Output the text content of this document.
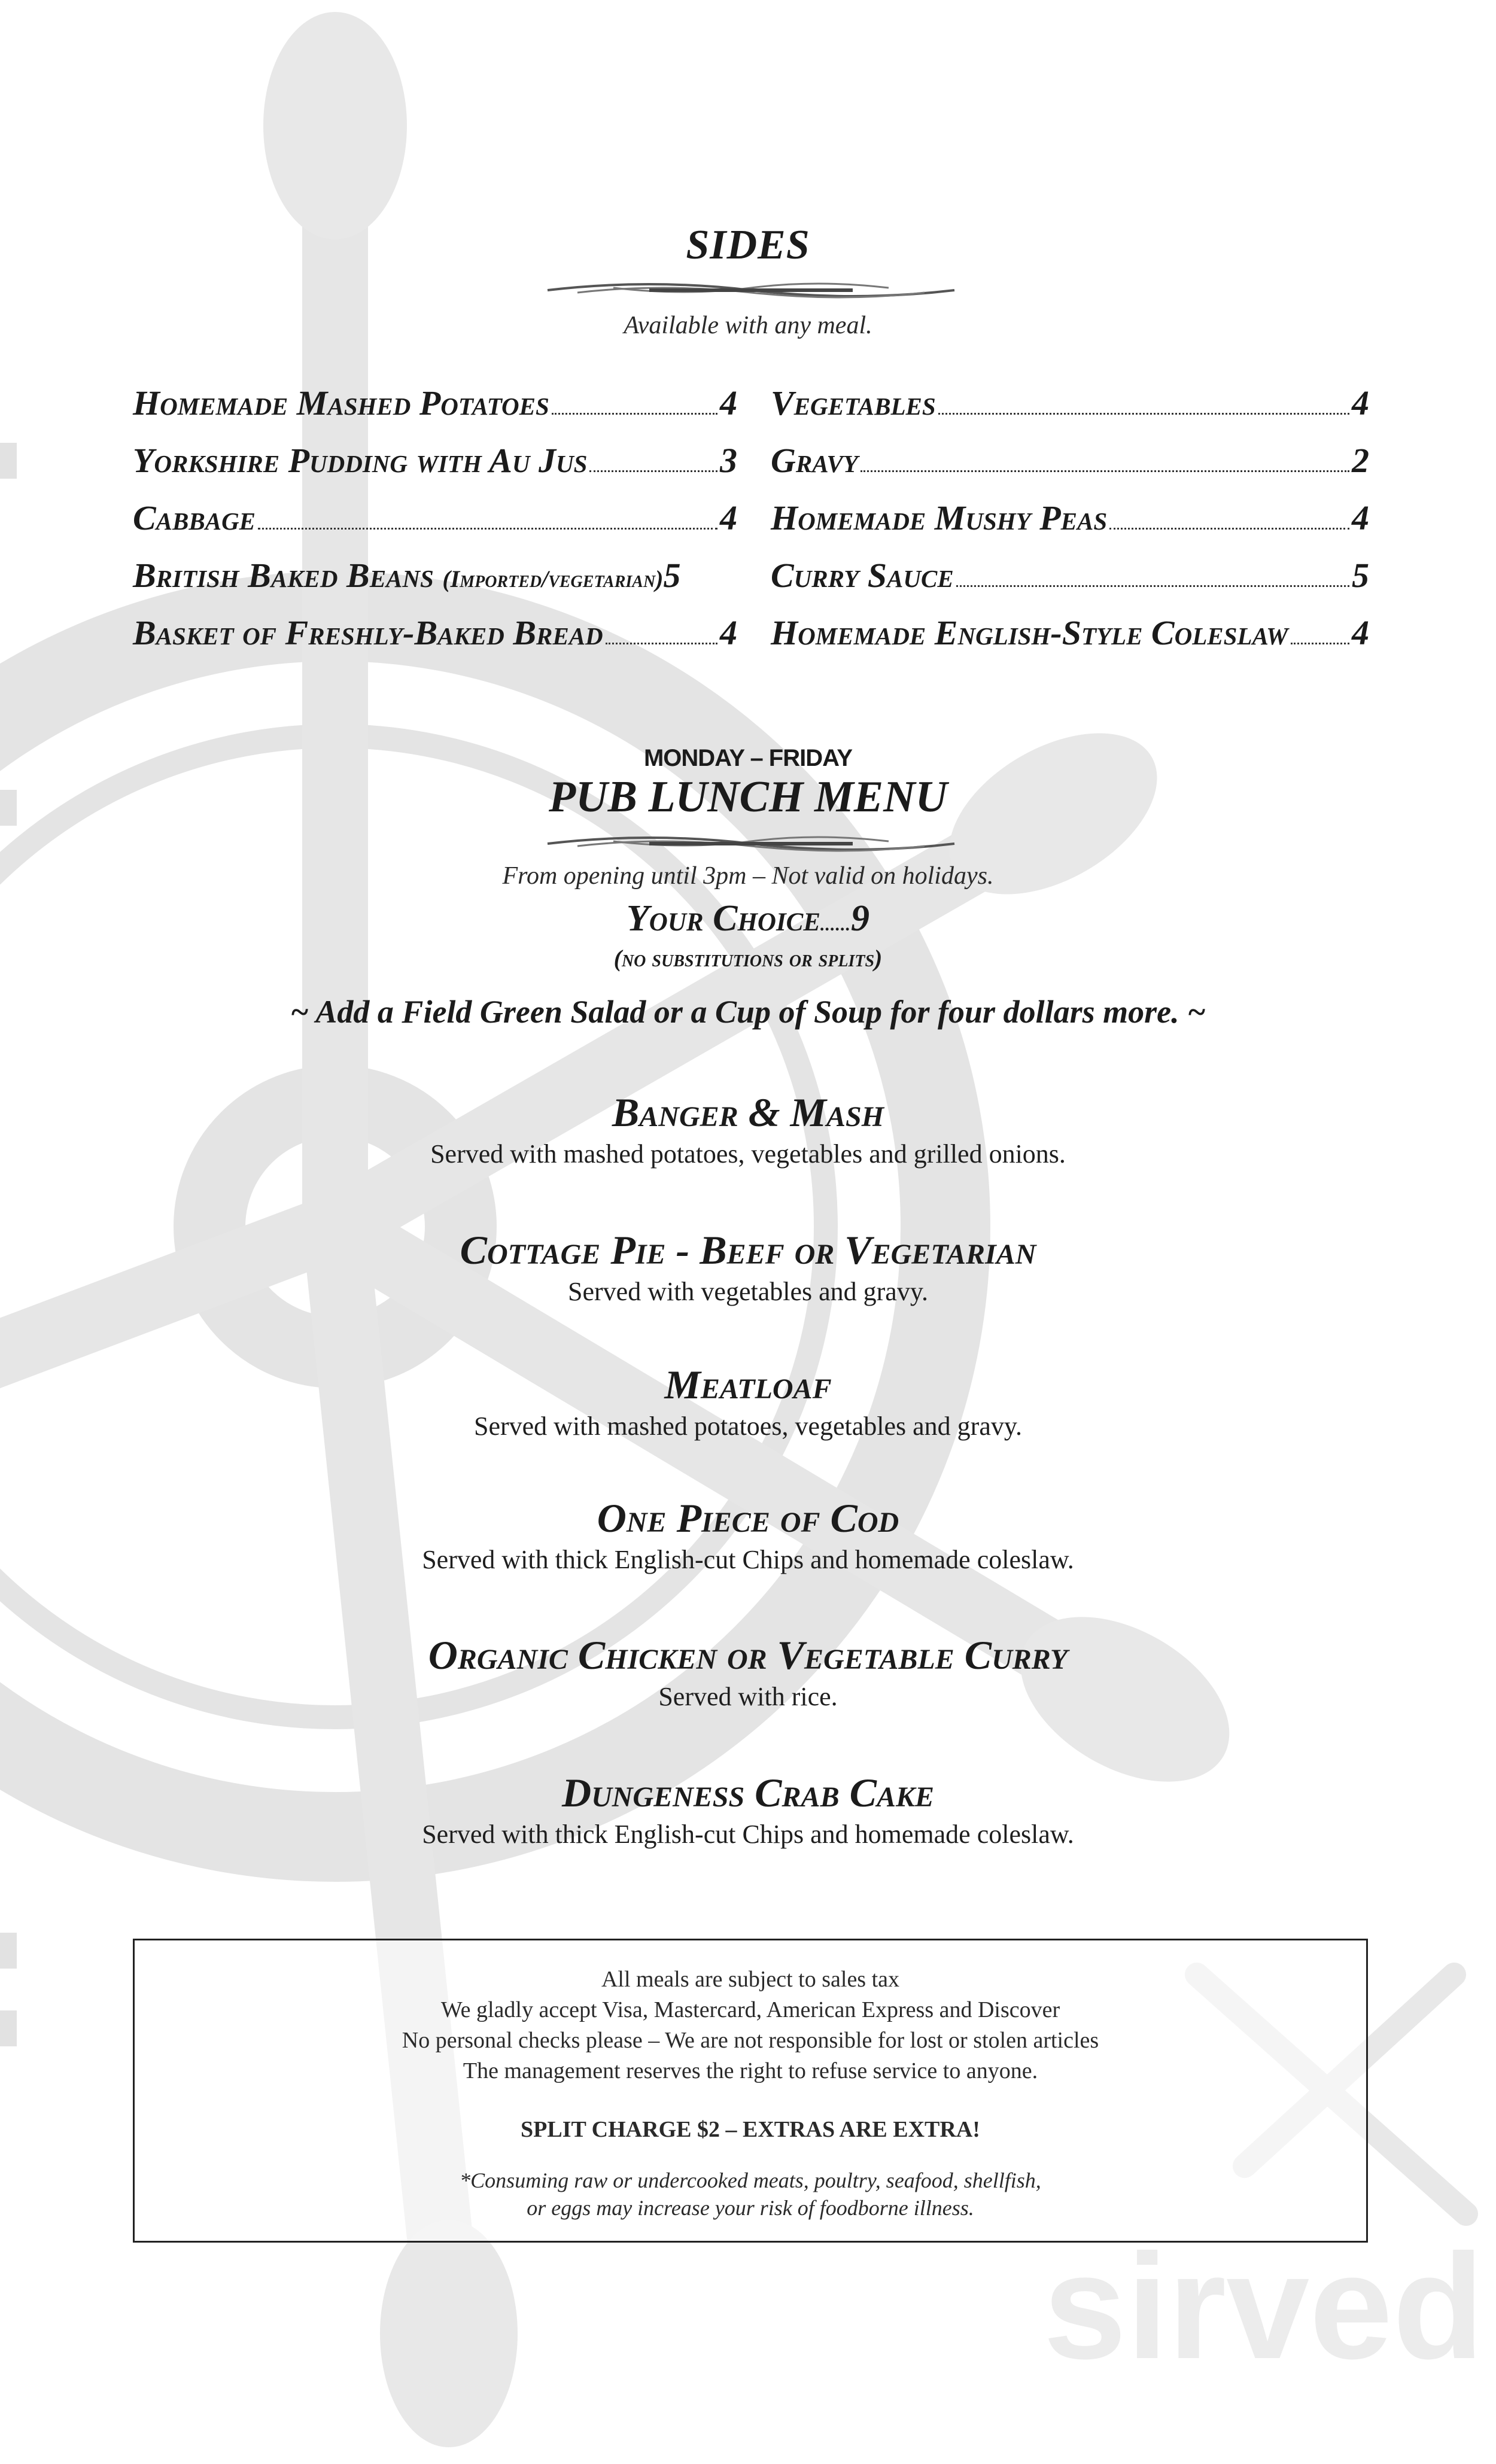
SIDES
Available with any meal.
Homemade Mashed Potatoes	4
Yorkshire Pudding with Au Jus	3
Cabbage	4
British Baked Beans (Imported/vegetarian) 5
Basket of Freshly-Baked Bread	4
Vegetables	4
Gravy	2
Homemade Mushy Peas	4
Curry Sauce	5
Homemade English-Style Coleslaw 4
MONDAY – FRIDAY
PUB LUNCH MENU
From opening until 3pm – Not valid on holidays.
Your Choice......9
(no substitutions or splits)
~ Add a Field Green Salad or a Cup of Soup for four dollars more. ~
Banger & Mash
Served with mashed potatoes, vegetables and grilled onions.
Cottage Pie - Beef or Vegetarian
Served with vegetables and gravy.
Meatloaf
Served with mashed potatoes, vegetables and gravy.
One Piece of Cod
Served with thick English-cut Chips and homemade coleslaw.
Organic Chicken or Vegetable Curry
Served with rice.
Dungeness Crab Cake
Served with thick English-cut Chips and homemade coleslaw.
All meals are subject to sales tax
We gladly accept Visa, Mastercard, American Express and Discover
No personal checks please – We are not responsible for lost or stolen articles
The management reserves the right to refuse service to anyone.
SPLIT CHARGE $2 – EXTRAS ARE EXTRA!
*Consuming raw or undercooked meats, poultry, seafood, shellfish,
or eggs may increase your risk of foodborne illness.
sirved
